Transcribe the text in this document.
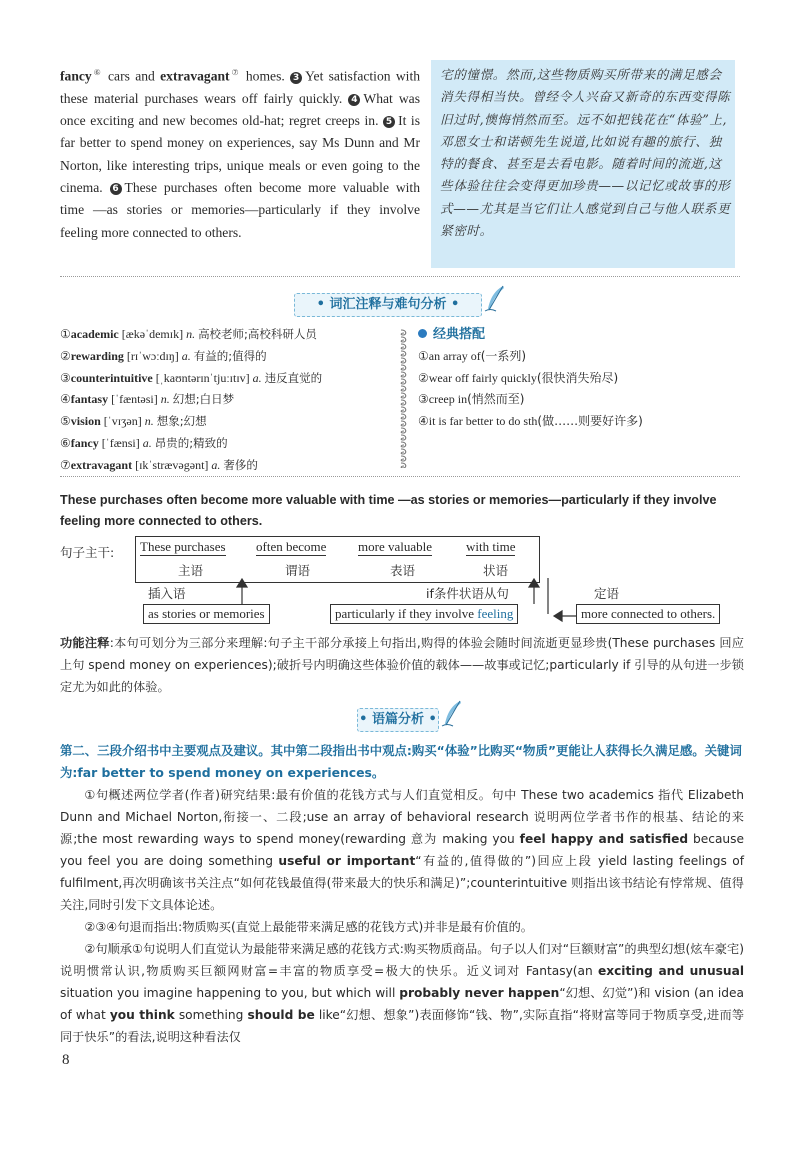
fancy⑥ cars and extravagant⑦ homes. 3 Yet satisfaction with these material purchases wears off fairly quickly. 4 What was once exciting and new becomes old-hat; regret creeps in. 5 It is far better to spend money on experiences, say Ms Dunn and Mr Norton, like interesting trips, unique meals or even going to the cinema. 6 These purchases often become more valuable with time —as stories or memories—particularly if they involve feeling more connected to others.

宅的憧憬。然而,这些物质购买所带来的满足感会消失得相当快。曾经令人兴奋又新奇的东西变得陈旧过时,懊悔悄然而至。远不如把钱花在“体验”上,邓恩女士和诺顿先生说道,比如说有趣的旅行、独特的餐食、甚至是去看电影。随着时间的流逝,这些体验往往会变得更加珍贵——以记忆或故事的形式——尤其是当它们让人感觉到自己与他人联系更紧密时。
• 词汇注释与难句分析 •
①academic [ækəˈdemɪk] n. 高校老师;高校科研人员
②rewarding [rɪˈwɔːdɪŋ] a. 有益的;值得的
③counterintuitive [ˌkaʊntərɪnˈtjuːɪtɪv] a. 违反直觉的
④fantasy [ˈfæntəsi] n. 幻想;白日梦
⑤vision [ˈvɪʒən] n. 想象;幻想
⑥fancy [ˈfænsi] a. 昂贵的;精致的
⑦extravagant [ɪkˈstrævəgənt] a. 奢侈的
经典搭配
①an array of(一系列)
②wear off fairly quickly(很快消失殆尽)
③creep in(悄然而至)
④it is far better to do sth(做……则要好许多)
These purchases often become more valuable with time —as stories or memories—particularly if they involve feeling more connected to others.
句子主干: These purchases
主语
often become
谓语
more valuable
表语
with time
状语
插入语
as stories or memories
if条件状语从句
particularly if they involve feeling
定语
more connected to others.
功能注释:本句可划分为三部分来理解:句子主干部分承接上句指出,购得的体验会随时间流逝更显珍贵(These purchases 回应上句 spend money on experiences);破折号内明确这些体验价值的载体——故事或记忆;particularly if 引导的从句进一步锁定尤为如此的体验。
• 语篇分析 •
第二、三段介绍书中主要观点及建议。其中第二段指出书中观点:购买“体验”比购买“物质”更能让人获得长久满足感。关键词为:far better to spend money on experiences。

①句概述两位学者(作者)研究结果:最有价值的花钱方式与人们直觉相反。句中 These two academics 指代 Elizabeth Dunn and Michael Norton,衔接一、二段;use an array of behavioral research 说明两位学者书作的根基、结论的来源;the most rewarding ways to spend money(rewarding 意为 making you feel happy and satisfied because you feel you are doing something useful or important“有益的,值得做的”)回应上段 yield lasting feelings of fulfilment,再次明确该书关注点“如何花钱最值得(带来最大的快乐和满足)”;counterintuitive 则指出该书结论有悖常规、值得关注,同时引发下文具体论述。

②③④句退而指出:物质购买(直觉上最能带来满足感的花钱方式)并非是最有价值的。

②句顺承①句说明人们直觉认为最能带来满足感的花钱方式:购买物质商品。句子以人们对“巨额财富”的典型幻想(炫车豪宅)说明惯常认识,物质购买巨额网财富=丰富的物质享受=极大的快乐。近义词对 Fantasy(an exciting and unusual situation you imagine happening to you, but which will probably never happen“幻想、幻觉”)和 vision (an idea of what you think something should be like“幻想、想象”)表面修饰“钱、物”,实际直指“将财富等同于物质享受,进而等同于快乐”的看法,说明这种看法仅

8
